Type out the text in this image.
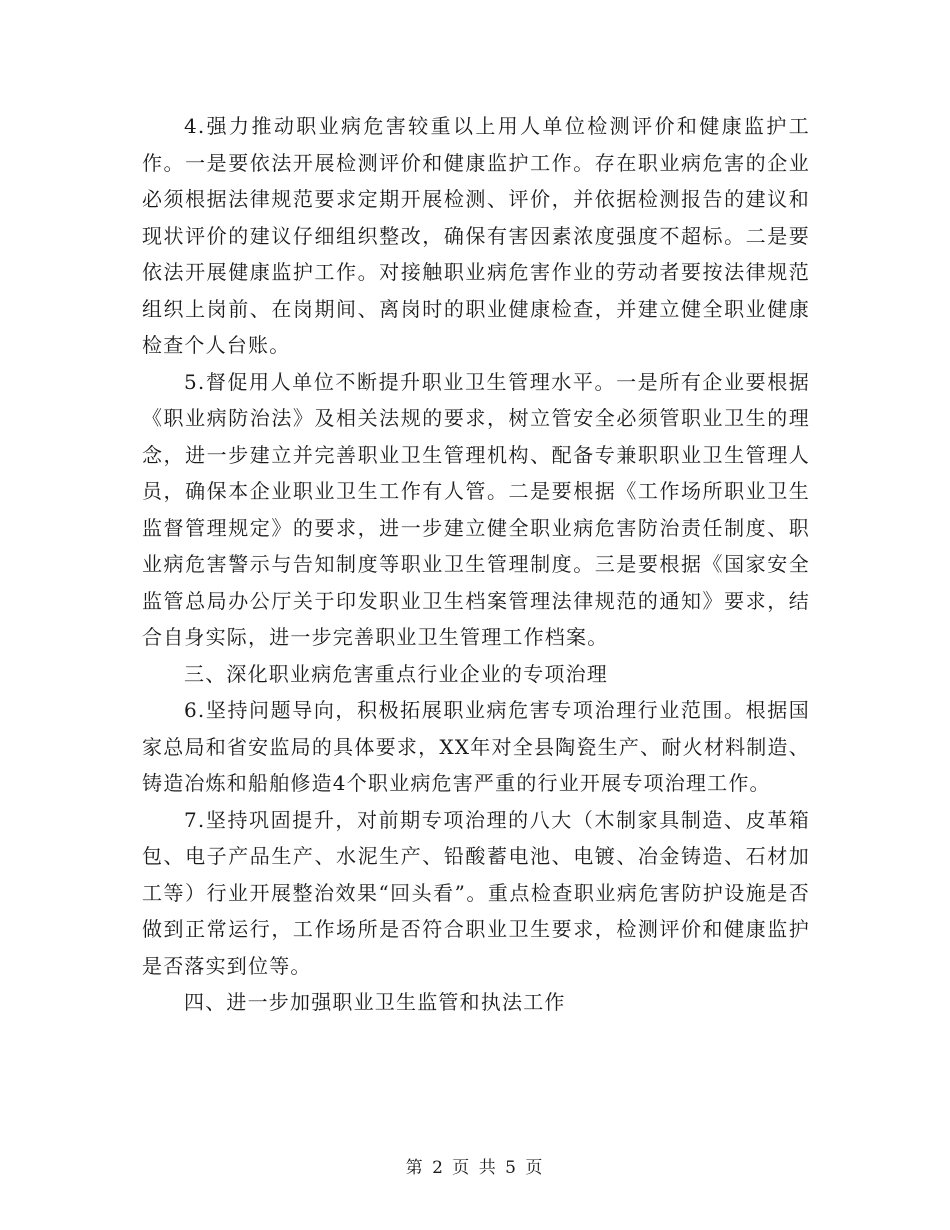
4.强力推动职业病危害较重以上用人单位检测评价和健康监护工作。一是要依法开展检测评价和健康监护工作。存在职业病危害的企业必须根据法律规范要求定期开展检测、评价，并依据检测报告的建议和现状评价的建议仔细组织整改，确保有害因素浓度强度不超标。二是要依法开展健康监护工作。对接触职业病危害作业的劳动者要按法律规范组织上岗前、在岗期间、离岗时的职业健康检查，并建立健全职业健康检查个人台账。

5.督促用人单位不断提升职业卫生管理水平。一是所有企业要根据《职业病防治法》及相关法规的要求，树立管安全必须管职业卫生的理念，进一步建立并完善职业卫生管理机构、配备专兼职职业卫生管理人员，确保本企业职业卫生工作有人管。二是要根据《工作场所职业卫生监督管理规定》的要求，进一步建立健全职业病危害防治责任制度、职业病危害警示与告知制度等职业卫生管理制度。三是要根据《国家安全监管总局办公厅关于印发职业卫生档案管理法律规范的通知》要求，结合自身实际，进一步完善职业卫生管理工作档案。

三、深化职业病危害重点行业企业的专项治理

6.坚持问题导向，积极拓展职业病危害专项治理行业范围。根据国家总局和省安监局的具体要求，XX年对全县陶瓷生产、耐火材料制造、铸造冶炼和船舶修造4个职业病危害严重的行业开展专项治理工作。

7.坚持巩固提升，对前期专项治理的八大（木制家具制造、皮革箱包、电子产品生产、水泥生产、铅酸蓄电池、电镀、冶金铸造、石材加工等）行业开展整治效果“回头看”。重点检查职业病危害防护设施是否做到正常运行，工作场所是否符合职业卫生要求，检测评价和健康监护是否落实到位等。

四、进一步加强职业卫生监管和执法工作

第 2 页 共 5 页
